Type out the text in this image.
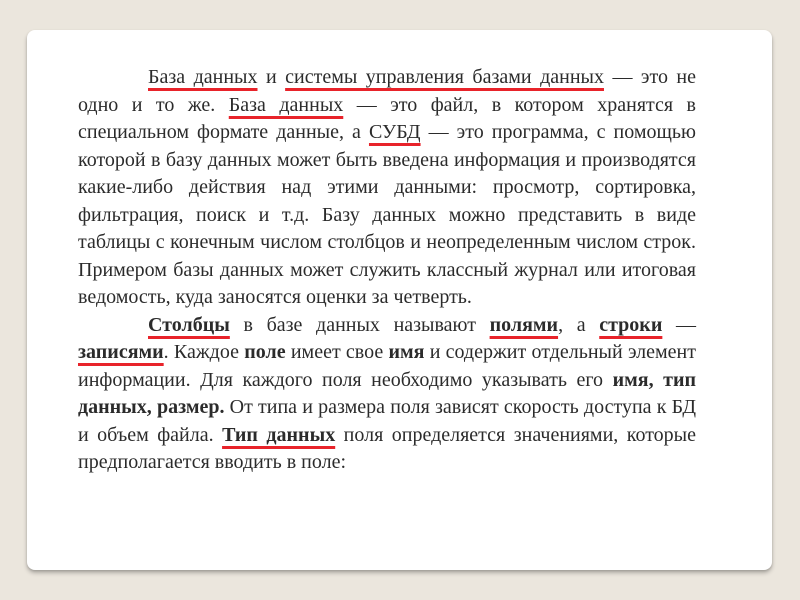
База данных и системы управления базами данных — это не одно и то же. База данных — это файл, в котором хранятся в специальном формате данные, а СУБД — это программа, с помощью которой в базу данных может быть введена информация и производятся какие-либо действия над этими данными: просмотр, сортировка, фильтрация, поиск и т.д. Базу данных можно представить в виде таблицы с конечным числом столбцов и неопределенным числом строк. Примером базы данных может служить классный журнал или итоговая ведомость, куда заносятся оценки за четверть.

Столбцы в базе данных называют полями, а строки — записями. Каждое поле имеет свое имя и содержит отдельный элемент информации. Для каждого поля необходимо указывать его имя, тип данных, размер. От типа и размера поля зависят скорость доступа к БД и объем файла. Тип данных поля определяется значениями, которые предполагается вводить в поле:
